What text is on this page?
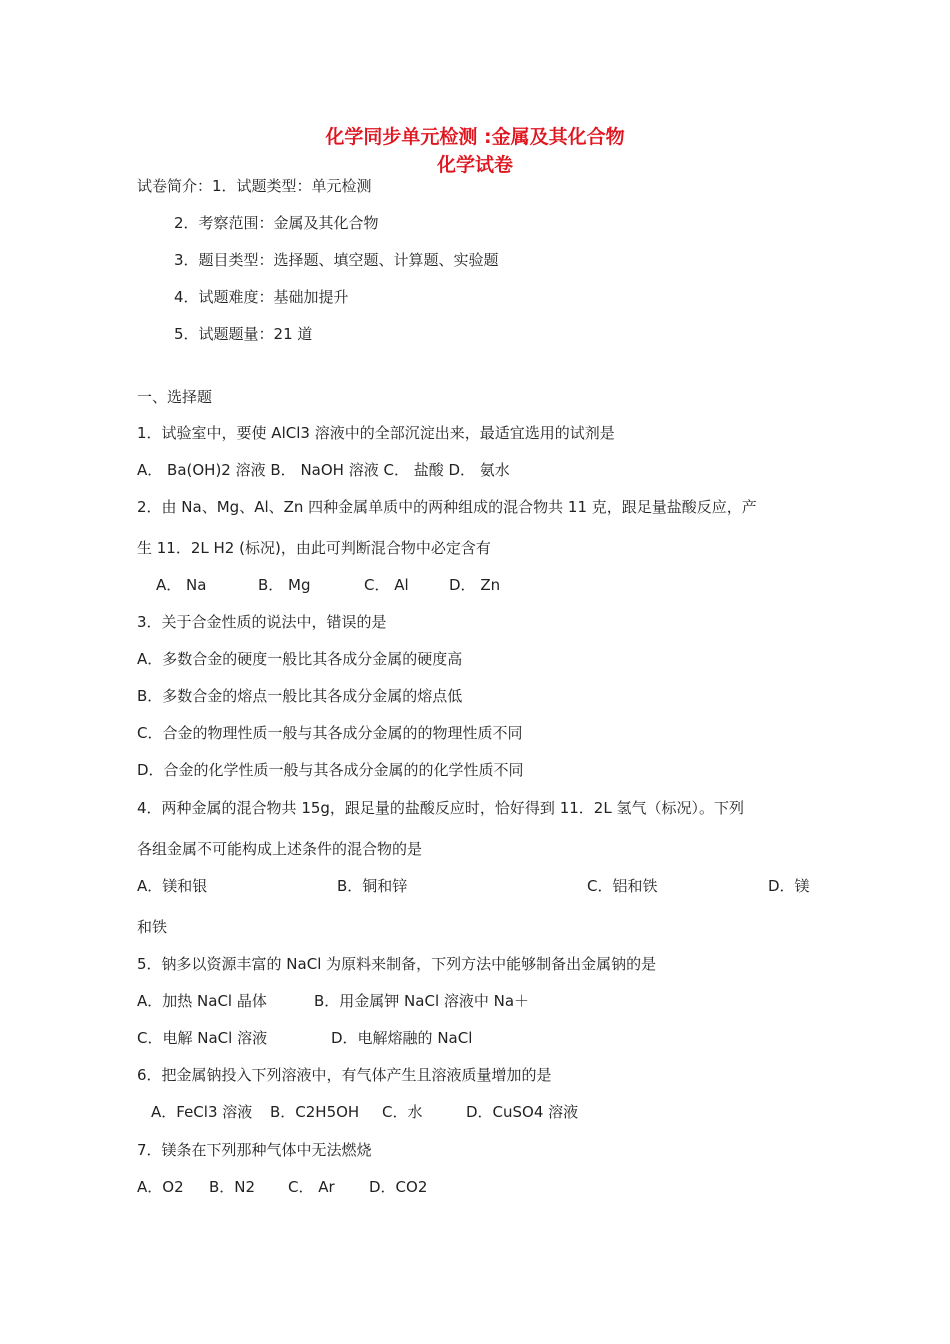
化学同步单元检测 :金属及其化合物
化学试卷
试卷简介：1．试题类型：单元检测
2．考察范围：金属及其化合物
3．题目类型：选择题、填空题、计算题、实验题
4．试题难度：基础加提升
5．试题题量：21 道
一、选择题
1．试验室中，要使 AlCl3 溶液中的全部沉淀出来，最适宜选用的试剂是
A． Ba(OH)2 溶液 B． NaOH 溶液 C． 盐酸 D． 氨水
2．由 Na、Mg、Al、Zn 四种金属单质中的两种组成的混合物共 11 克，跟足量盐酸反应，产
生 11．2L H2 (标况)，由此可判断混合物中必定含有
A． Na	B． Mg	C． Al	D． Zn
3．关于合金性质的说法中，错误的是
A．多数合金的硬度一般比其各成分金属的硬度高
B．多数合金的熔点一般比其各成分金属的熔点低
C．合金的物理性质一般与其各成分金属的的物理性质不同
D．合金的化学性质一般与其各成分金属的的化学性质不同
4．两种金属的混合物共 15g，跟足量的盐酸反应时，恰好得到 11．2L 氢气（标况）。下列
各组金属不可能构成上述条件的混合物的是
A．镁和银	B．铜和锌	C．铝和铁	D．镁
和铁
5．钠多以资源丰富的 NaCl 为原料来制备，下列方法中能够制备出金属钠的是
A．加热 NaCl 晶体	B．用金属钾 NaCl 溶液中 Na＋
C．电解 NaCl 溶液	D．电解熔融的 NaCl
6．把金属钠投入下列溶液中，有气体产生且溶液质量增加的是
A．FeCl3 溶液 B．C2H5OH C．水	D．CuSO4 溶液
7．镁条在下列那种气体中无法燃烧
A．O2 B．N2 C． Ar D．CO2
